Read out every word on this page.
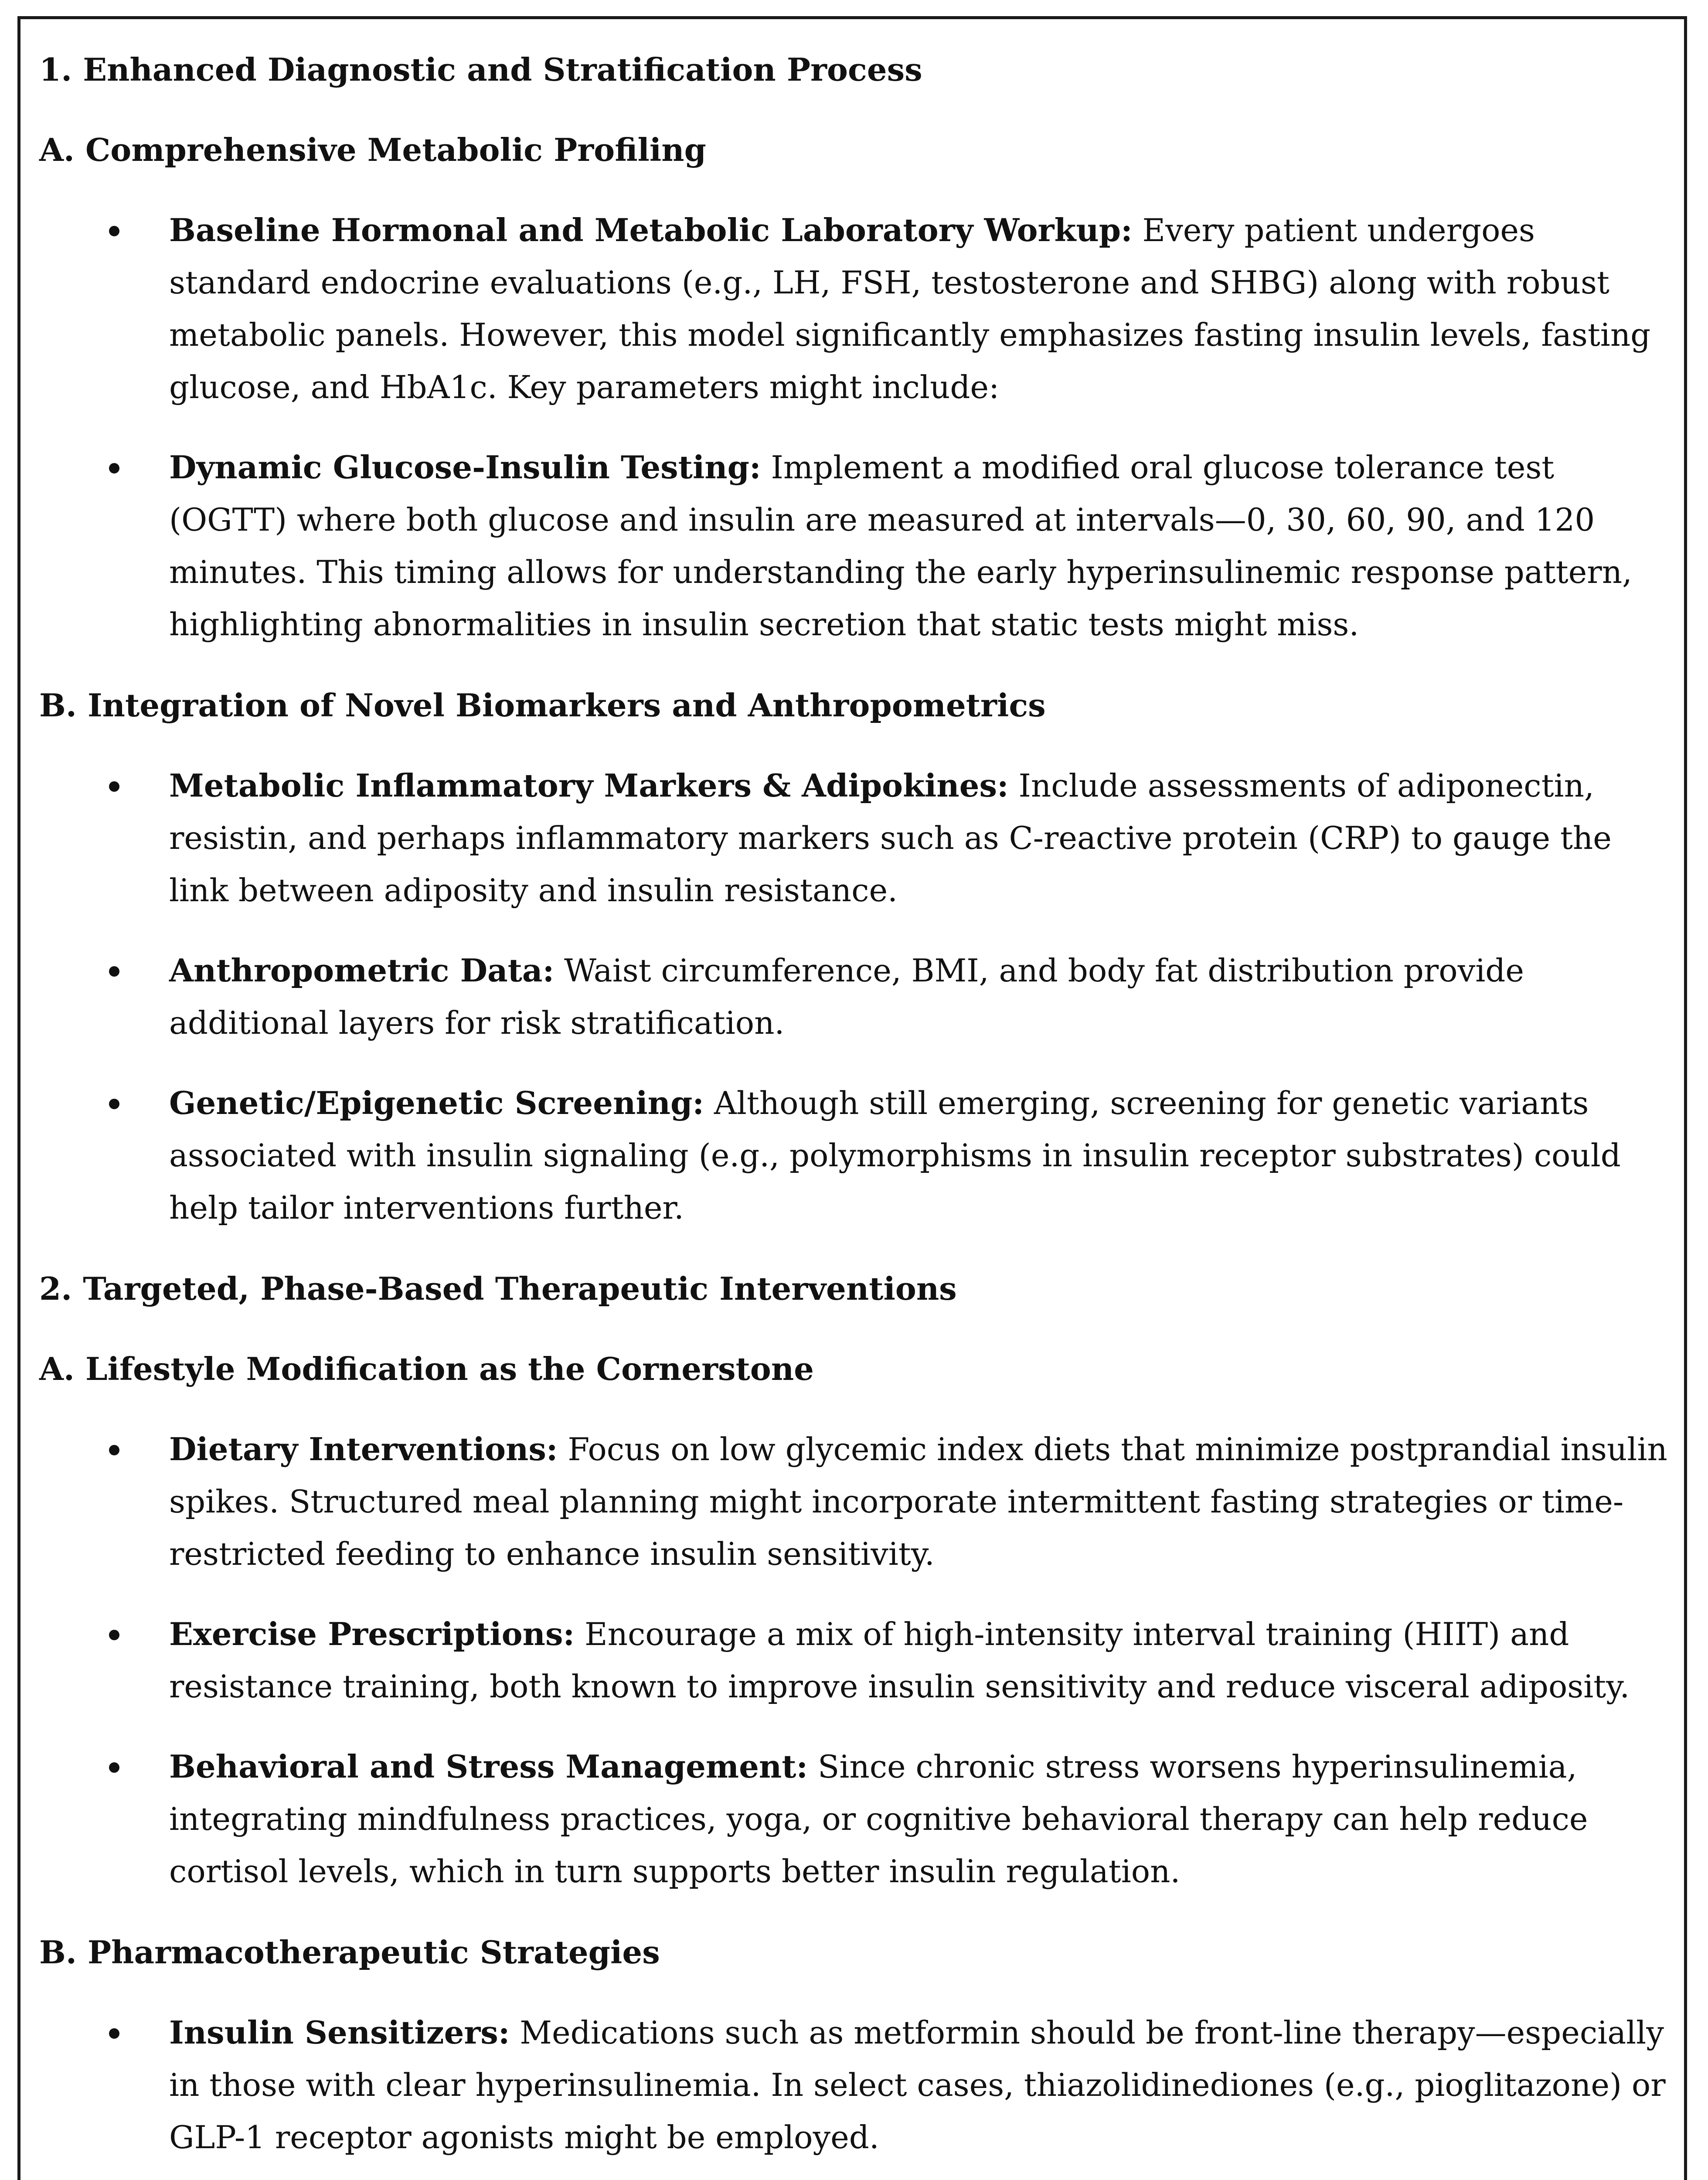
1. Enhanced Diagnostic and Stratification Process
A. Comprehensive Metabolic Profiling
Baseline Hormonal and Metabolic Laboratory Workup: Every patient undergoes standard endocrine evaluations (e.g., LH, FSH, testosterone and SHBG) along with robust metabolic panels. However, this model significantly emphasizes fasting insulin levels, fasting glucose, and HbA1c. Key parameters might include:
Dynamic Glucose-Insulin Testing: Implement a modified oral glucose tolerance test (OGTT) where both glucose and insulin are measured at intervals—0, 30, 60, 90, and 120 minutes. This timing allows for understanding the early hyperinsulinemic response pattern, highlighting abnormalities in insulin secretion that static tests might miss.
B. Integration of Novel Biomarkers and Anthropometrics
Metabolic Inflammatory Markers & Adipokines: Include assessments of adiponectin, resistin, and perhaps inflammatory markers such as C-reactive protein (CRP) to gauge the link between adiposity and insulin resistance.
Anthropometric Data: Waist circumference, BMI, and body fat distribution provide additional layers for risk stratification.
Genetic/Epigenetic Screening: Although still emerging, screening for genetic variants associated with insulin signaling (e.g., polymorphisms in insulin receptor substrates) could help tailor interventions further.
2. Targeted, Phase-Based Therapeutic Interventions
A. Lifestyle Modification as the Cornerstone
Dietary Interventions: Focus on low glycemic index diets that minimize postprandial insulin spikes. Structured meal planning might incorporate intermittent fasting strategies or time-restricted feeding to enhance insulin sensitivity.
Exercise Prescriptions: Encourage a mix of high-intensity interval training (HIIT) and resistance training, both known to improve insulin sensitivity and reduce visceral adiposity.
Behavioral and Stress Management: Since chronic stress worsens hyperinsulinemia, integrating mindfulness practices, yoga, or cognitive behavioral therapy can help reduce cortisol levels, which in turn supports better insulin regulation.
B. Pharmacotherapeutic Strategies
Insulin Sensitizers: Medications such as metformin should be front-line therapy—especially in those with clear hyperinsulinemia. In select cases, thiazolidinediones (e.g., pioglitazone) or GLP-1 receptor agonists might be employed.
